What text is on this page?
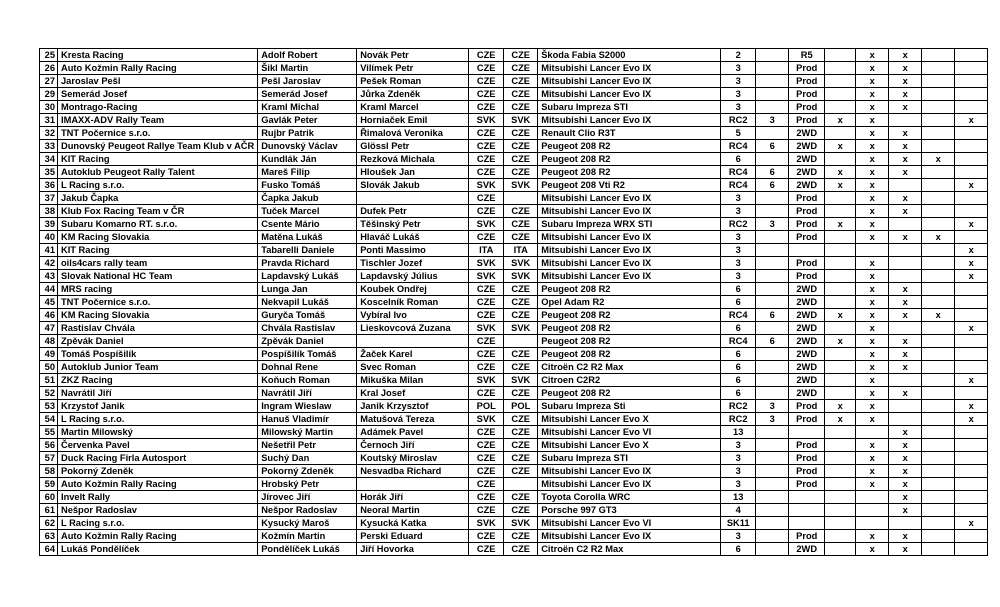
25	Kresta Racing	Adolf Robert	Novák Petr	CZE	CZE	Škoda Fabia S2000	2		R5		x	x		
26	Auto Kožmin Rally Racing	Šikl Martin	Vilímek Petr	CZE	CZE	Mitsubishi Lancer Evo IX	3		Prod		x	x		
27	Jaroslav Pešl	Pešl Jaroslav	Pešek Roman	CZE	CZE	Mitsubishi Lancer Evo IX	3		Prod		x	x		
29	Semerád Josef	Semerád Josef	Jůrka Zdeněk	CZE	CZE	Mitsubishi Lancer Evo IX	3		Prod		x	x		
30	Montrago-Racing	Kraml Michal	Kraml Marcel	CZE	CZE	Subaru Impreza STI	3		Prod		x	x		
31	IMAXX-ADV Rally Team	Gavlák Peter	Horniaček Emil	SVK	SVK	Mitsubishi Lancer Evo IX	RC2	3	Prod	x	x			x
32	TNT Počernice s.r.o.	Rujbr Patrik	Řimalová Veronika	CZE	CZE	Renault Clio R3T	5		2WD		x	x		
33	Dunovský Peugeot Rallye Team Klub v AČR	Dunovský Václav	Glössl Petr	CZE	CZE	Peugeot 208 R2	RC4	6	2WD	x	x	x		
34	KIT Racing	Kundlák Ján	Rezková Michala	CZE	CZE	Peugeot 208 R2	6		2WD		x	x	x	
35	Autoklub Peugeot Rally Talent	Mareš Filip	Hloušek Jan	CZE	CZE	Peugeot 208 R2	RC4	6	2WD	x	x	x		
36	L Racing s.r.o.	Fusko Tomáš	Slovák Jakub	SVK	SVK	Peugeot 208 Vti R2	RC4	6	2WD	x	x			x
37	Jakub Čapka	Čapka Jakub		CZE		Mitsubishi Lancer Evo IX	3		Prod		x	x		
38	Klub Fox Racing Team v ČR	Tuček Marcel	Dufek Petr	CZE	CZE	Mitsubishi Lancer Evo IX	3		Prod		x	x		
39	Subaru Komarno RT. s.r.o.	Csente Mário	Těšinský Petr	SVK	CZE	Subaru Impreza WRX STI	RC2	3	Prod	x	x			x
40	KM Racing Slovakia	Matěna Lukáš	Hlaváč Lukáš	CZE	CZE	Mitsubishi Lancer Evo IX	3		Prod		x	x	x	
41	KIT Racing	Tabarelli Daniele	Ponti Massimo	ITA	ITA	Mitsubishi Lancer Evo IX	3							x
42	oils4cars rally team	Pravda Richard	Tischler Jozef	SVK	SVK	Mitsubishi Lancer Evo IX	3		Prod		x			x
43	Slovak National HC Team	Lapdavský Lukáš	Lapdavský Július	SVK	SVK	Mitsubishi Lancer Evo IX	3		Prod		x			x
44	MRS racing	Lunga Jan	Koubek Ondřej	CZE	CZE	Peugeot 208 R2	6		2WD		x	x		
45	TNT Počernice s.r.o.	Nekvapil Lukáš	Koscelník Roman	CZE	CZE	Opel Adam R2	6		2WD		x	x		
46	KM Racing Slovakia	Guryča Tomáš	Vybíral Ivo	CZE	CZE	Peugeot 208 R2	RC4	6	2WD	x	x	x	x	
47	Rastislav Chvála	Chvála Rastislav	Lieskovcová Zuzana	SVK	SVK	Peugeot 208 R2	6		2WD		x			x
48	Zpěvák Daniel	Zpěvák Daniel		CZE		Peugeot 208 R2	RC4	6	2WD	x	x	x		
49	Tomáš Pospíšilík	Pospíšilík Tomáš	Žaček Karel	CZE	CZE	Peugeot 208 R2	6		2WD		x	x		
50	Autoklub Junior Team	Dohnal Rene	Svec Roman	CZE	CZE	Citroën C2 R2 Max	6		2WD		x	x		
51	ZKZ Racing	Koňuch Roman	Mikuška Milan	SVK	SVK	Citroen C2R2	6		2WD		x			x
52	Navrátil Jiří	Navrátil Jiří	Kral Josef	CZE	CZE	Peugeot 208 R2	6		2WD		x	x		
53	Krzystof Janik	Ingram Wieslaw	Janik Krzysztof	POL	POL	Subaru Impreza Sti	RC2	3	Prod	x	x			x
54	L Racing s.r.o.	Hanuš Vladimír	Matušová Tereza	SVK	CZE	Mitsubishi Lancer Evo X	RC2	3	Prod	x	x			x
55	Martin Milowský	Milowský Martin	Adámek Pavel	CZE	CZE	Mitsubishi Lancer Evo VI	13					x		
56	Červenka Pavel	Nešetřil Petr	Černoch Jiří	CZE	CZE	Mitsubishi Lancer Evo X	3		Prod		x	x		
57	Duck Racing Firla Autosport	Suchý Dan	Koutský Miroslav	CZE	CZE	Subaru Impreza STI	3		Prod		x	x		
58	Pokorný Zdeněk	Pokorný Zdeněk	Nesvadba Richard	CZE	CZE	Mitsubishi Lancer Evo IX	3		Prod		x	x		
59	Auto Kožmin Rally Racing	Hrobský Petr		CZE		Mitsubishi Lancer Evo IX	3		Prod		x	x		
60	Invelt Rally	Jírovec Jiří	Horák Jiří	CZE	CZE	Toyota Corolla WRC	13					x		
61	Nešpor Radoslav	Nešpor Radoslav	Neoral Martin	CZE	CZE	Porsche 997 GT3	4					x		
62	L Racing s.r.o.	Kysucký Maroš	Kysucká Katka	SVK	SVK	Mitsubishi Lancer Evo VI	SK11							x
63	Auto Kožmin Rally Racing	Kožmín Martin	Perski Eduard	CZE	CZE	Mitsubishi Lancer Evo IX	3		Prod		x	x		
64	Lukáš Pondělíček	Pondělíček Lukáš	Jiří Hovorka	CZE	CZE	Citroën C2 R2 Max	6		2WD		x	x		
